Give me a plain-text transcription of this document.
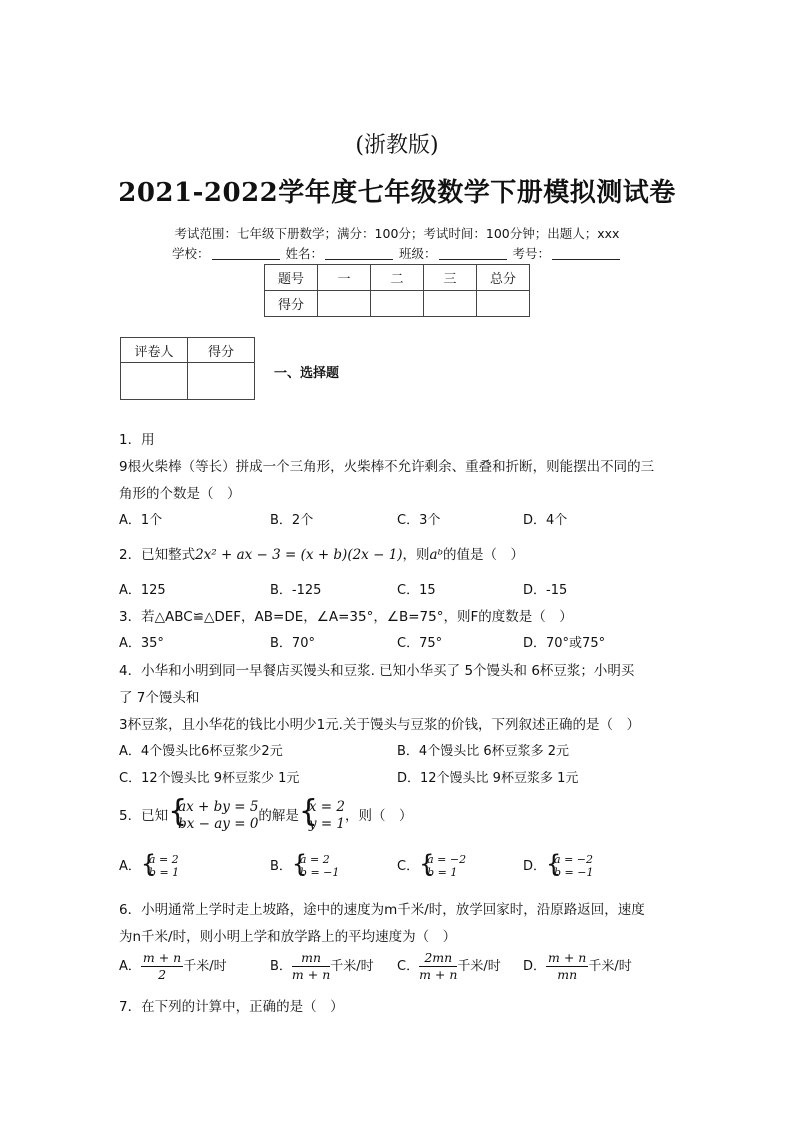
(浙教版)
2021-2022学年度七年级数学下册模拟测试卷
考试范围：七年级下册数学；满分：100分；考试时间：100分钟；出题人；xxx
学校：	姓名：	班级：	考号：
题号	一	二	三	总分
得分				
评卷人	得分

一、选择题
1．用
9根火柴棒（等长）拼成一个三角形，火柴棒不允许剩余、重叠和折断，则能摆出不同的三
角形的个数是（　）
A．1个	B．2个	C．3个	D．4个
2．已知整式2x² + ax − 3 = (x + b)(2x − 1)，则aᵇ的值是（　）
A．125	B．-125	C．15	D．-15
3．若△ABC≌△DEF，AB=DE，∠A=35°，∠B=75°，则F的度数是（　）
A．35°	B．70°	C．75°	D．70°或75°
4．小华和小明到同一早餐店买馒头和豆浆. 已知小华买了 5个馒头和 6杯豆浆；小明买
了 7个馒头和
3杯豆浆，且小华花的钱比小明少1元.关于馒头与豆浆的价钱，下列叙述正确的是（　）
A．4个馒头比6杯豆浆少2元	B．4个馒头比 6杯豆浆多 2元
C．12个馒头比 9杯豆浆少 1元	D．12个馒头比 9杯豆浆多 1元
5．已知 {
ax + by = 5
bx − ay = 0 的解是 {
x = 2
y = 1 ，则（　）
A． {
a = 2
b = 1	B． {
a = 2
b = −1	C． {
a = −2
b = 1	D． {
a = −2
b = −1
6．小明通常上学时走上坡路，途中的速度为m千米/时，放学回家时，沿原路返回，速度
为n千米/时，则小明上学和放学路上的平均速度为（　）
A． $\frac{m + n}{2}$ 千米/时	B． $\frac{mn}{m + n}$ 千米/时 C． $\frac{2mn}{m + n}$ 千米/时 D． $\frac{m + n}{mn}$ 千米/时
7．在下列的计算中，正确的是（　）
